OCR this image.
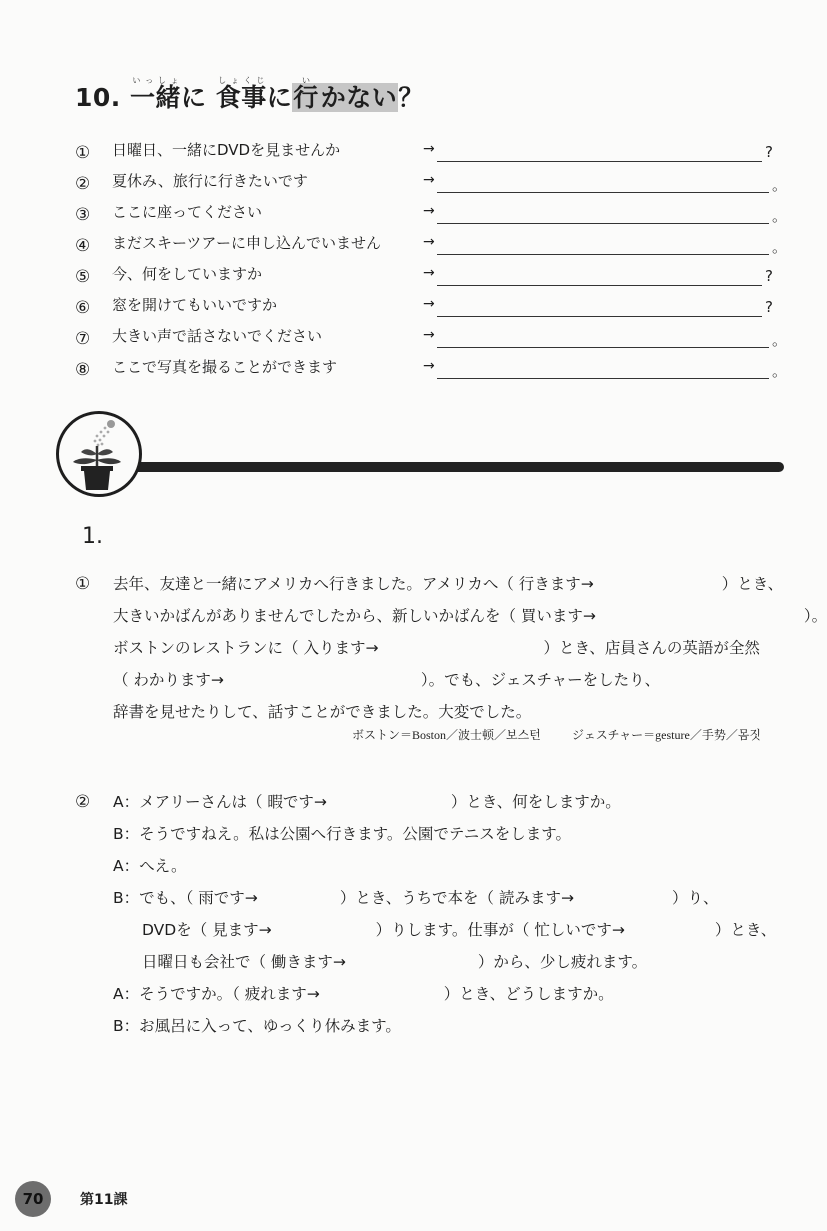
10. 一緒いっしょに 食事しょくじに行いかない？
① 日曜日、一緒にDVDを見ませんか	→	?
② 夏休み、旅行に行きたいです	→	。
③ ここに座ってください	→	。
④ まだスキーツアーに申し込んでいません	→	。
⑤ 今、何をしていますか	→	?
⑥ 窓を開けてもいいですか	→	?
⑦ 大きい声で話さないでください	→	。
⑧ ここで写真を撮ることができます	→	。
1.
① 去年、友達と一緒にアメリカへ行きました。アメリカへ（ 行きます→	）とき、
大きいかばんがありませんでしたから、新しいかばんを（ 買います→	）。
ボストンのレストランに（ 入ります→	）とき、店員さんの英語が全然
（ わかります→	）。でも、ジェスチャーをしたり、
辞書を見せたりして、話すことができました。大変でした。
ボストン＝Boston／波士顿／보스턴	ジェスチャー＝gesture／手势／몸짓
② A：メアリーさんは（ 暇です→	）とき、何をしますか。
B：そうですねえ。私は公園へ行きます。公園でテニスをします。
A：へえ。
B：でも、（ 雨です→	）とき、うちで本を（ 読みます→	）り、
DVDを（ 見ます→	）りします。仕事が（ 忙しいです→	）とき、
日曜日も会社で（ 働きます→	）から、少し疲れます。
A：そうですか。（ 疲れます→	）とき、どうしますか。
B：お風呂に入って、ゆっくり休みます。
70	第11課
